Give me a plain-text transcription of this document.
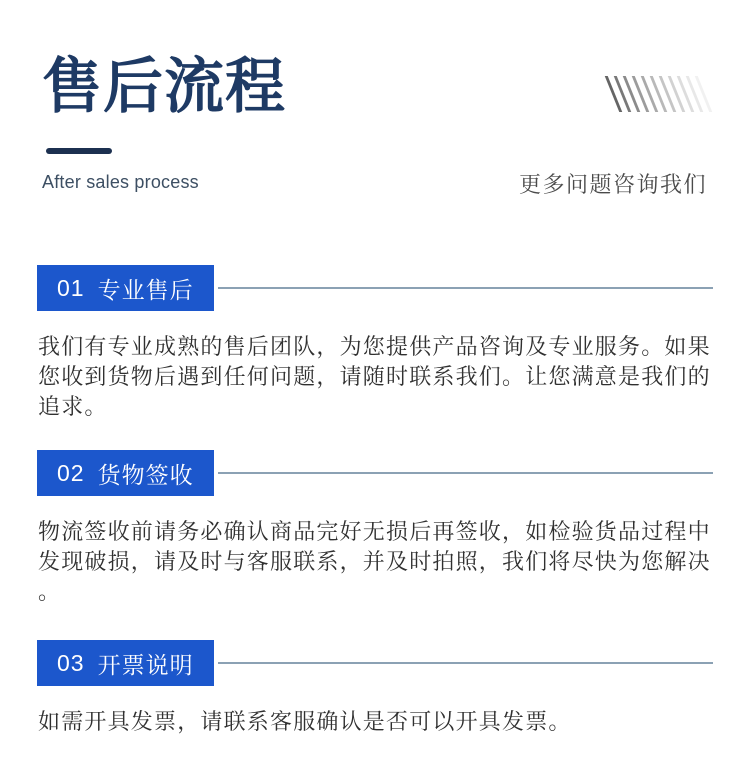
售后流程
After sales process	更多问题咨询我们
01 专业售后

我们有专业成熟的售后团队，为您提供产品咨询及专业服务。如果您收到货物后遇到任何问题，请随时联系我们。让您满意是我们的追求。

02 货物签收

物流签收前请务必确认商品完好无损后再签收，如检验货品过程中发现破损，请及时与客服联系，并及时拍照，我们将尽快为您解决。

03 开票说明

如需开具发票，请联系客服确认是否可以开具发票。
